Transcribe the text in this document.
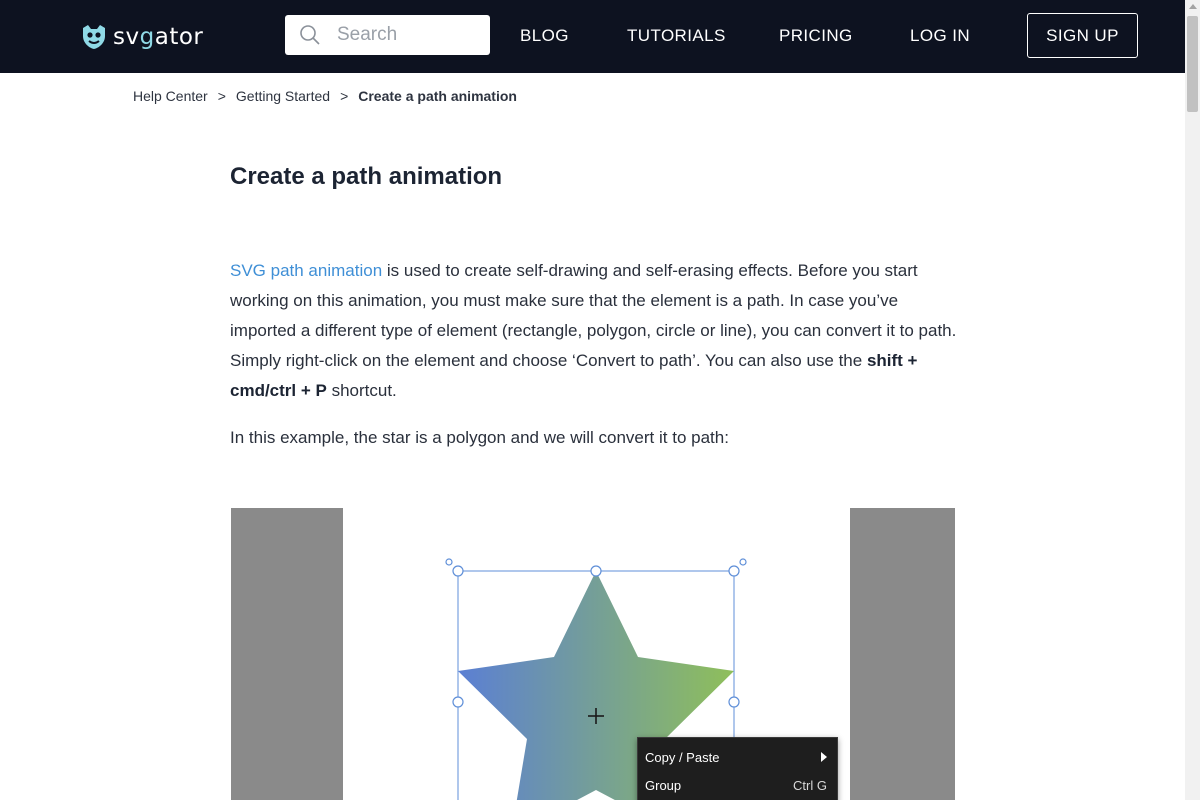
svgator
Search	BLOG	TUTORIALS	PRICING	LOG IN	SIGN UP
Help Center > Getting Started > Create a path animation
Create a path animation

SVG path animation is used to create self-drawing and self-erasing effects. Before you start working on this animation, you must make sure that the element is a path. In case you’ve imported a different type of element (rectangle, polygon, circle or line), you can convert it to path. Simply right-click on the element and choose ‘Convert to path’. You can also use the shift + cmd/ctrl + P shortcut.

In this example, the star is a polygon and we will convert it to path:

Copy / Paste
Group	Ctrl G
